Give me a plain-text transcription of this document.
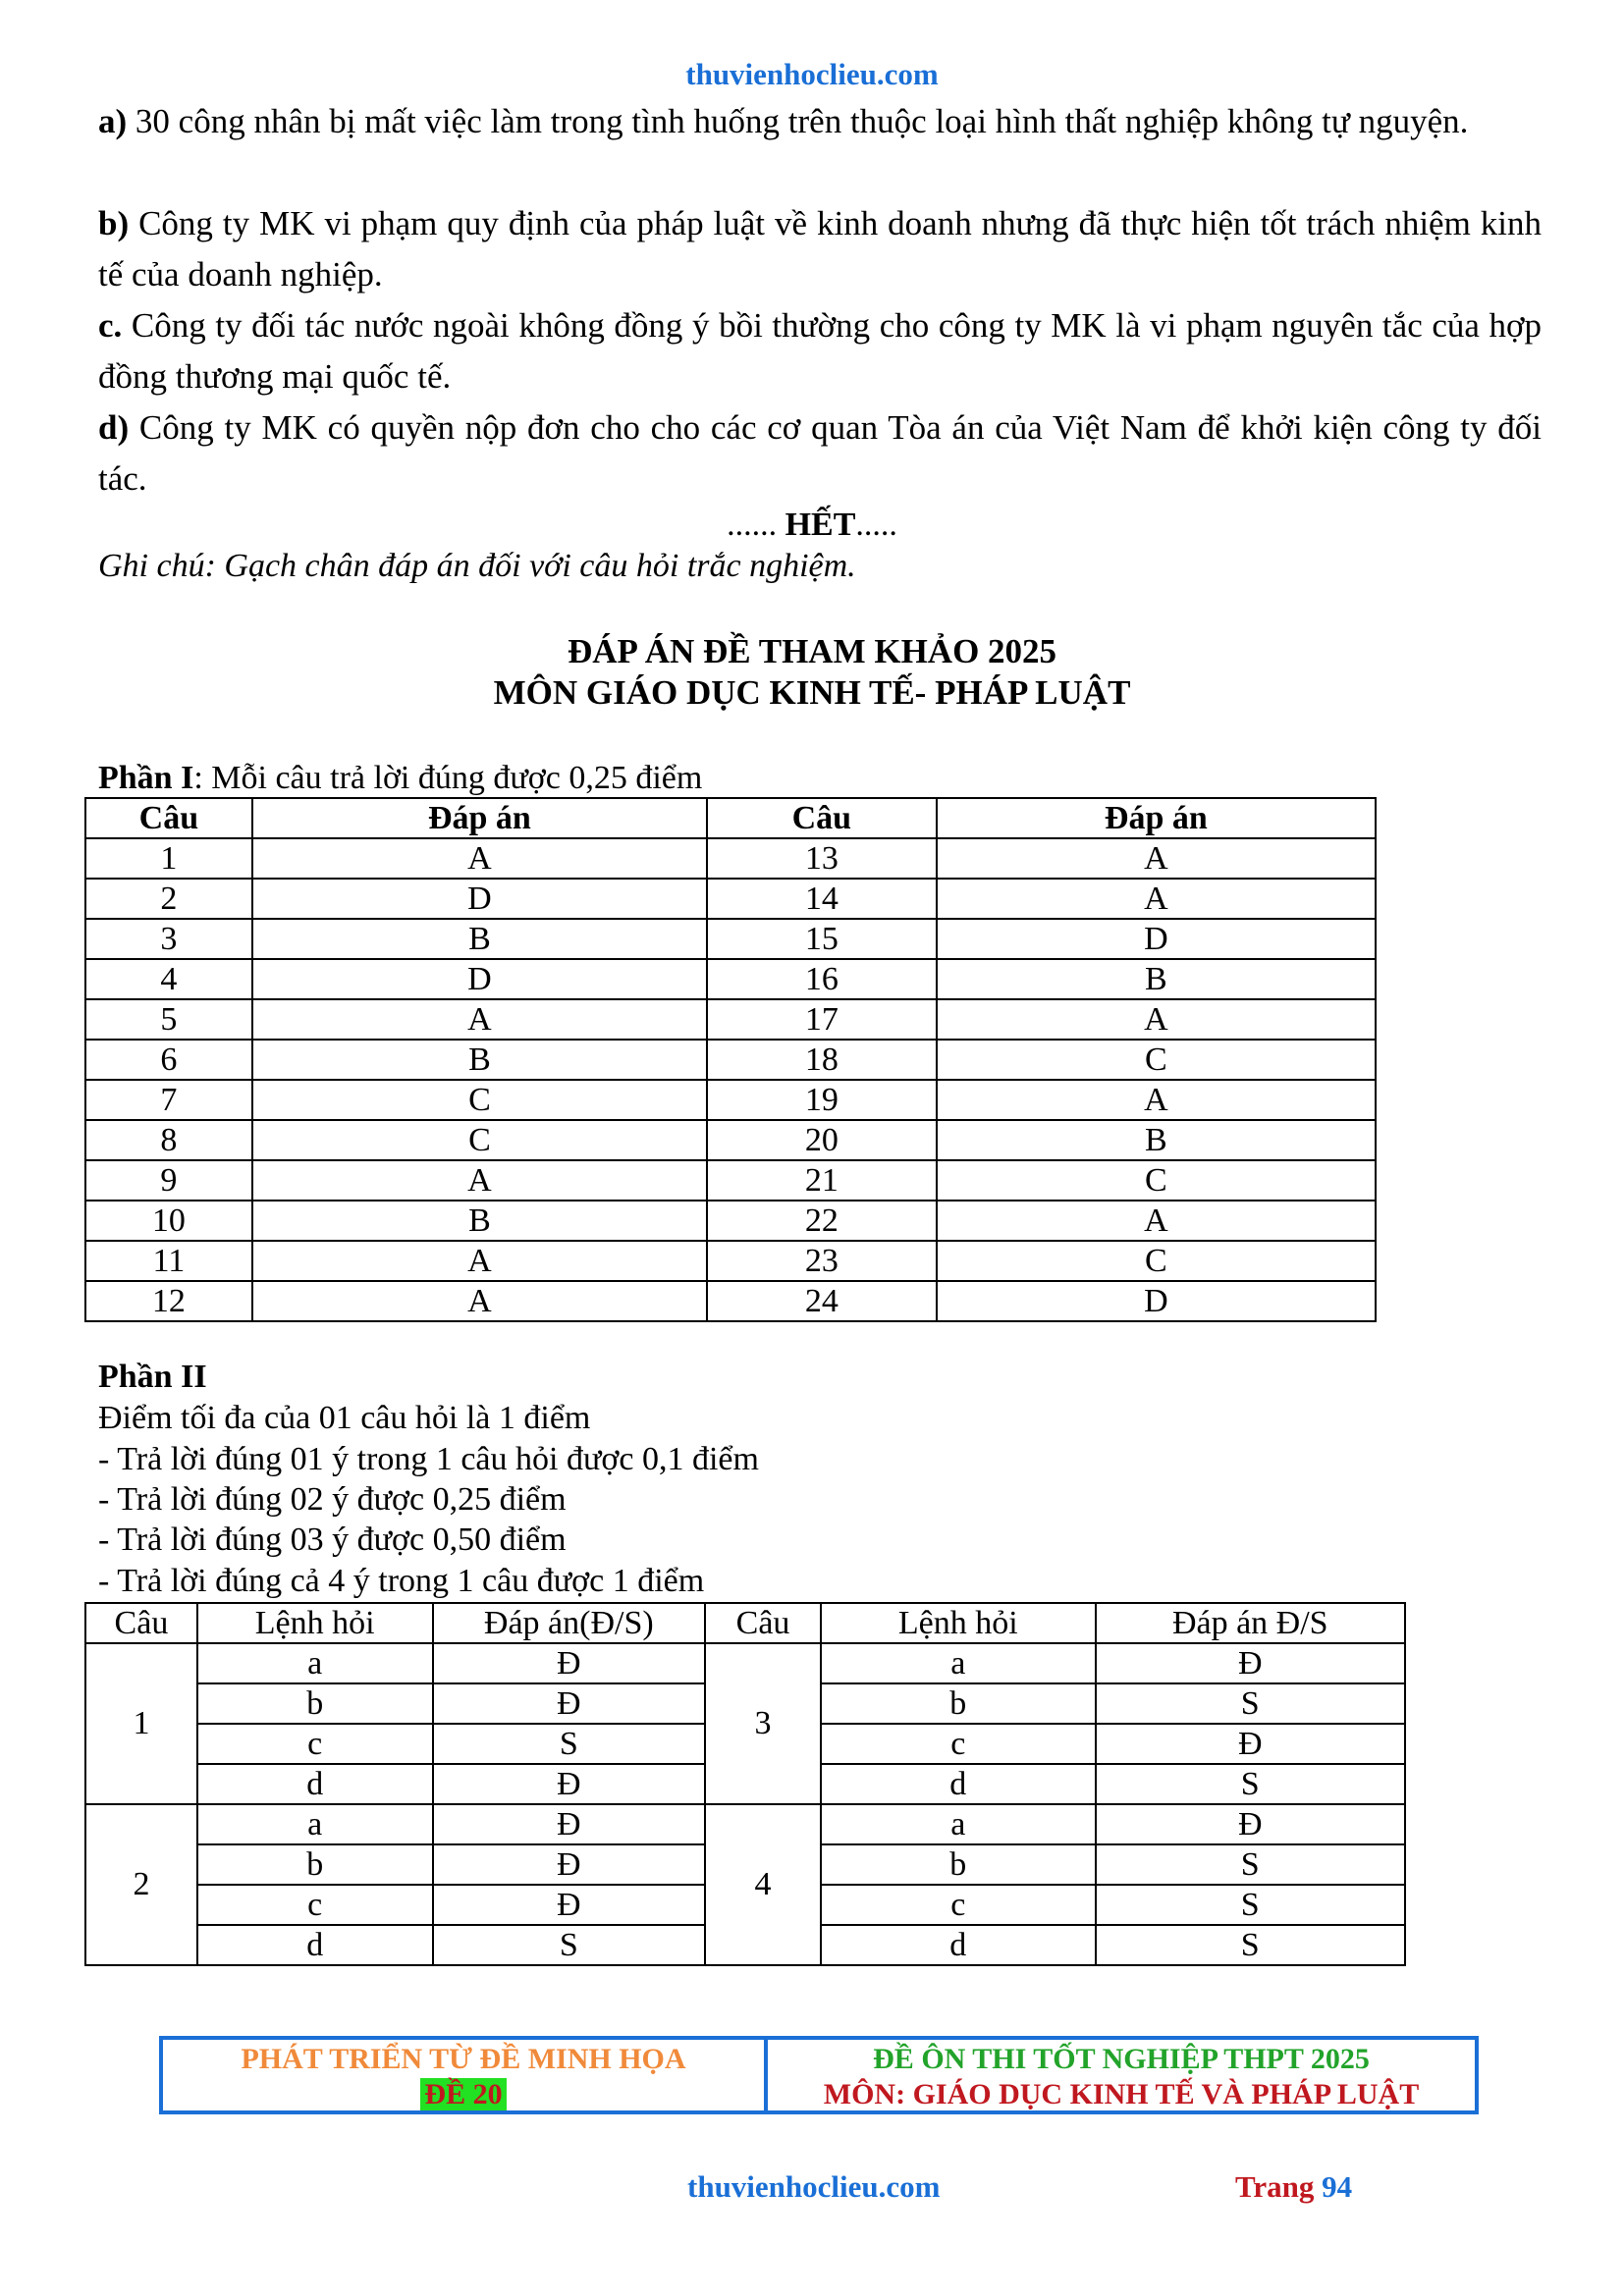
thuvienhoclieu.com
a) 30 công nhân bị mất việc làm trong tình huống trên thuộc loại hình thất nghiệp không tự nguyện.
b) Công ty MK vi phạm quy định của pháp luật về kinh doanh nhưng đã thực hiện tốt trách nhiệm kinh tế của doanh nghiệp.
c. Công ty đối tác nước ngoài không đồng ý bồi thường cho công ty MK là vi phạm nguyên tắc của hợp đồng thương mại quốc tế.
d) Công ty MK có quyền nộp đơn cho cho các cơ quan Tòa án của Việt Nam để khởi kiện công ty đối tác.
...... HẾT.....
Ghi chú: Gạch chân đáp án đối với câu hỏi trắc nghiệm.
ĐÁP ÁN ĐỀ THAM KHẢO 2025
MÔN GIÁO DỤC KINH TẾ- PHÁP LUẬT
Phần I: Mỗi câu trả lời đúng được 0,25 điểm
Câu	Đáp án	Câu	Đáp án
1	A	13	A
2	D	14	A
3	B	15	D
4	D	16	B
5	A	17	A
6	B	18	C
7	C	19	A
8	C	20	B
9	A	21	C
10	B	22	A
11	A	23	C
12	A	24	D
Phần II
Điểm tối đa của 01 câu hỏi là 1 điểm
- Trả lời đúng 01 ý trong 1 câu hỏi được 0,1 điểm
- Trả lời đúng 02 ý được 0,25 điểm
- Trả lời đúng 03 ý được 0,50 điểm
- Trả lời đúng cả 4 ý trong 1 câu được 1 điểm
Câu	Lệnh hỏi	Đáp án(Đ/S)	Câu	Lệnh hỏi	Đáp án Đ/S
1	a	Đ	3	a	Đ
	b	Đ		b	S
	c	S		c	Đ
	d	Đ		d	S
2	a	Đ	4	a	Đ
	b	Đ		b	S
	c	Đ		c	S
	d	S		d	S
PHÁT TRIỂN TỪ ĐỀ MINH HỌA
ĐỀ 20
ĐỀ ÔN THI TỐT NGHIỆP THPT 2025
MÔN: GIÁO DỤC KINH TẾ VÀ PHÁP LUẬT
thuvienhoclieu.com	Trang 94
